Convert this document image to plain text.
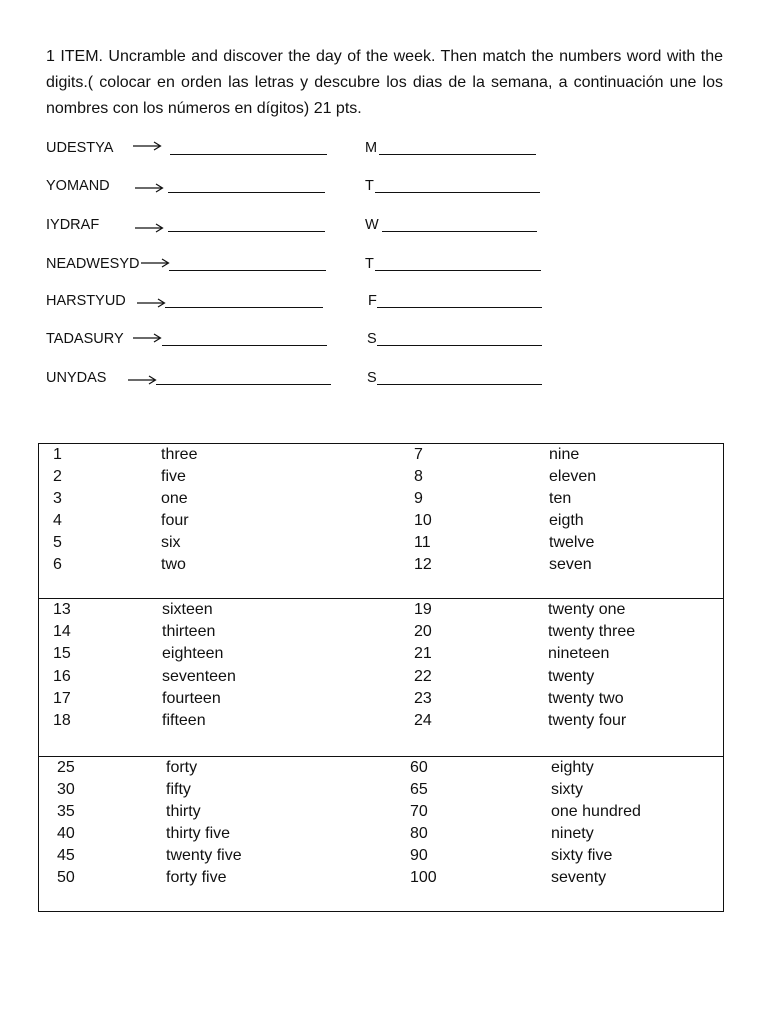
1 ITEM. Uncramble and discover the day of the week. Then match the numbers word with the
digits.( colocar en orden las letras y descubre los dias de la semana, a continuación une los
nombres con los números en dígitos) 21 pts.
UDESTYA	M
YOMAND	T
IYDRAF	W
NEADWESYD	T
HARSTYUD	F
TADASURY	S
UNYDAS	S
1	three	7	nine
2	five	8	eleven
3	one	9	ten
4	four	10	eigth
5	six	11	twelve
6	two	12	seven
13	sixteen	19	twenty one
14	thirteen	20	twenty three
15	eighteen	21	nineteen
16	seventeen	22	twenty
17	fourteen	23	twenty two
18	fifteen	24	twenty four
25	forty	60	eighty
30	fifty	65	sixty
35	thirty	70	one hundred
40	thirty five	80	ninety
45	twenty five	90	sixty five
50	forty five	100	seventy
